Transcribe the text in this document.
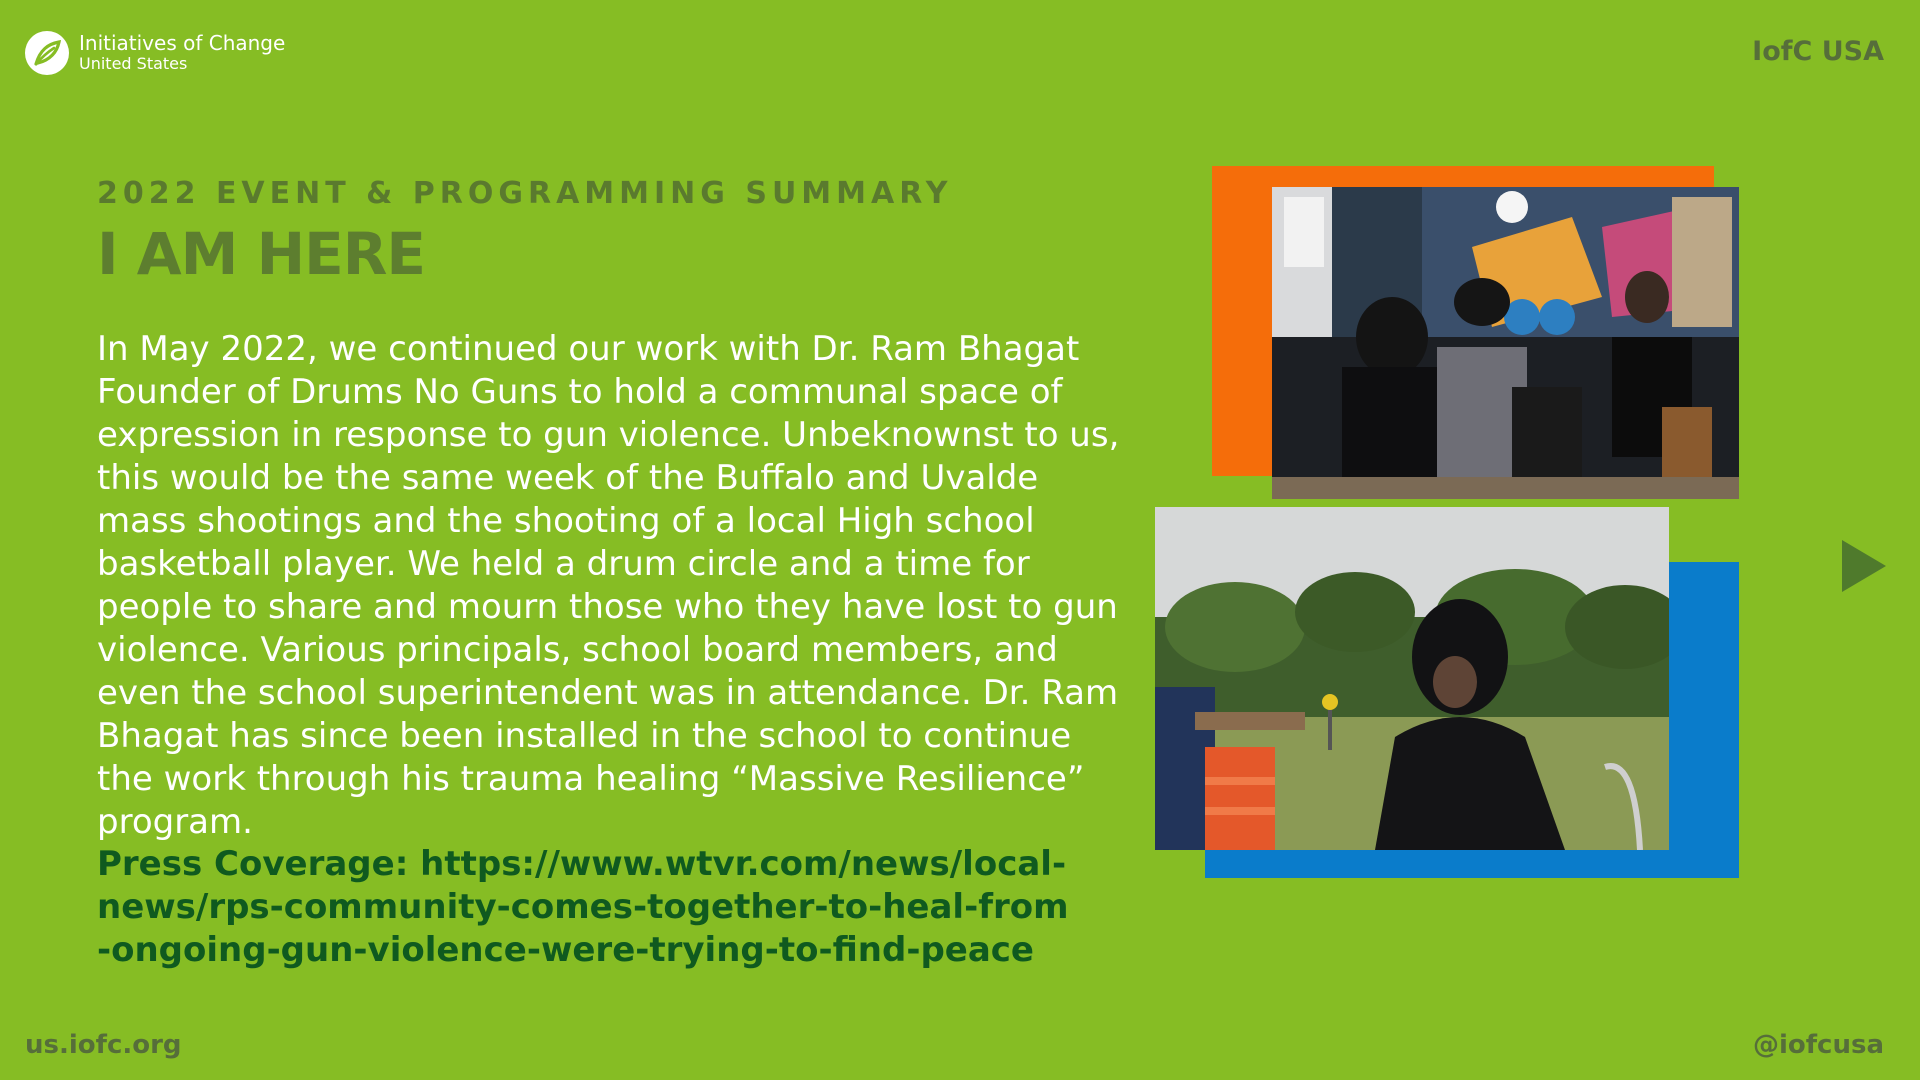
Initiatives of Change
United States	IofC USA
2022 EVENT & PROGRAMMING SUMMARY
I AM HERE

In May 2022, we continued our work with Dr. Ram Bhagat Founder of Drums No Guns to hold a communal space of expression in response to gun violence. Unbeknownst to us, this would be the same week of the Buffalo and Uvalde mass shootings and the shooting of a local High school basketball player. We held a drum circle and a time for people to share and mourn those who they have lost to gun violence. Various principals, school board members, and even the school superintendent was in attendance. Dr. Ram Bhagat has since been installed in the school to continue the work through his trauma healing “Massive Resilience” program.

Press Coverage: https://www.wtvr.com/news/local-news/rps-community-comes-together-to-heal-from-ongoing-gun-violence-were-trying-to-find-peace

us.iofc.org	@iofcusa
